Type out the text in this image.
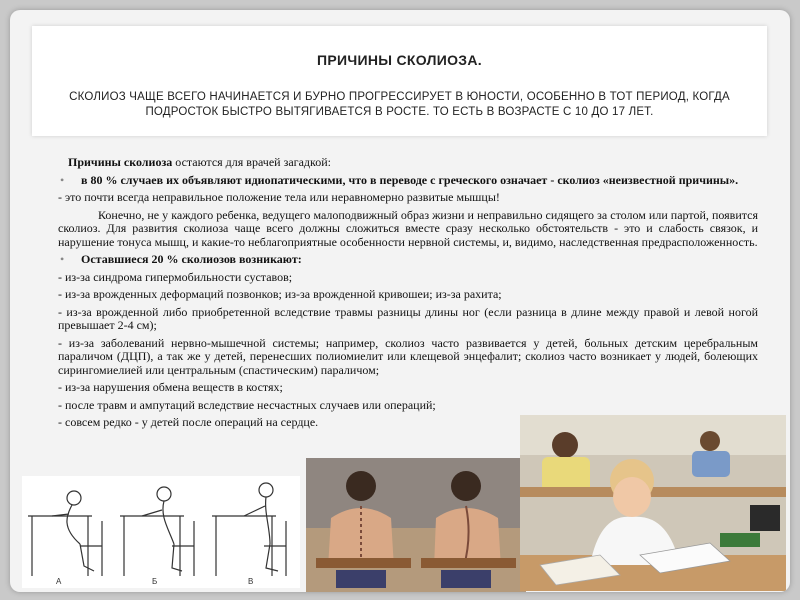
ПРИЧИНЫ СКОЛИОЗА.
СКОЛИОЗ ЧАЩЕ ВСЕГО НАЧИНАЕТСЯ И БУРНО ПРОГРЕССИРУЕТ В ЮНОСТИ, ОСОБЕННО В ТОТ ПЕРИОД, КОГДА ПОДРОСТОК БЫСТРО ВЫТЯГИВАЕТСЯ В РОСТЕ. ТО ЕСТЬ В ВОЗРАСТЕ С 10 ДО 17 ЛЕТ.

Причины сколиоза остаются для врачей загадкой:

• в 80 % случаев их объявляют идиопатическими, что в переводе с греческого означает - сколиоз «неизвестной причины».

- это почти всегда неправильное положение тела или неравномерно развитые мышцы!

Конечно, не у каждого ребенка, ведущего малоподвижный образ жизни и неправильно сидящего за столом или партой, появится сколиоз. Для развития сколиоза чаще всего должны сложиться вместе сразу несколько обстоятельств - это и слабость связок, и нарушение тонуса мышц, и какие-то неблагоприятные особенности нервной системы, и, видимо, наследственная предрасположенность.

• Оставшиеся 20 % сколиозов возникают:

- из-за синдрома гипермобильности суставов;

- из-за врожденных деформаций позвонков; из-за врожденной кривошеи; из-за рахита;

- из-за врожденной либо приобретенной вследствие травмы разницы длины ног (если разница в длине между правой и левой ногой превышает 2-4 см);

- из-за заболеваний нервно-мышечной системы; например, сколиоз часто развивается у детей, больных детским церебральным параличом (ДЦП), а так же у детей, перенесших полиомиелит или клещевой энцефалит; сколиоз часто возникает у людей, болеющих сирингомиелией или центральным (спастическим) параличом;

- из-за нарушения обмена веществ в костях;

- после травм и ампутаций вследствие несчастных случаев или операций;

- совсем редко - у детей после операций на сердце.

А	Б	В
